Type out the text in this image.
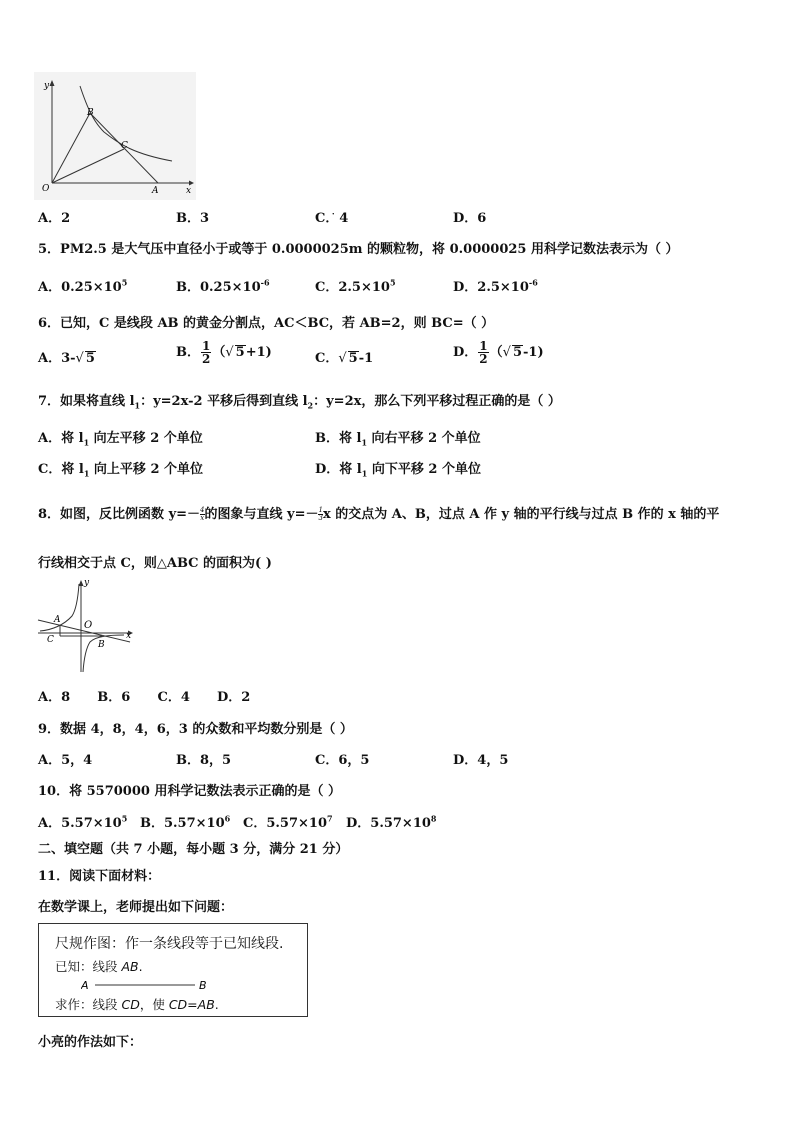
y
x
O	A
B
C
A．2	B．3	C．· 4	D．6
5．PM2.5 是大气压中直径小于或等于 0.0000025m 的颗粒物，将 0.0000025 用科学记数法表示为（ ）
A．$0.25\times 10^5$	B．$0.25\times 10^{-6}$	C．$2.5\times 10^5$	D．$2.5\times 10^{-6}$
6．已知，C 是线段 AB 的黄金分割点，AC＜BC，若 AB=2，则 BC=（ ）
A．3-√ 5	B． $\frac{1}{2}$ （√ 5+1)	C．√ 5-1	D． $\frac{1}{2}$ （√ 5-1)
7．如果将直线 $l_1$：y=2x-2 平移后得到直线 $l_2$：y=2x，那么下列平移过程正确的是（ ）
A．将 $l_1$ 向左平移 2 个单位	B．将 $l_1$ 向右平移 2 个单位
C．将 $l_1$ 向上平移 2 个单位	D．将 $l_1$ 向下平移 2 个单位
8．如图，反比例函数 $y=- \frac{4}{x}$ 的图象与直线 $y=- \frac{1}{3}$ x 的交点为 A、B，过点 A 作 y 轴的平行线与过点 B 作的 x 轴的平
行线相交于点 C，则△ABC 的面积为( )
y
x
O
A
B
C
A．8      B．6      C．4      D．2
9．数据 4，8，4，6，3 的众数和平均数分别是（ ）
A．5，4	B．8，5	C．6，5	D．4，5
10．将 5570000 用科学记数法表示正确的是（ ）
A．$5.57\times 10^5$ B．$5.57\times 10^6$ C．$5.57\times 10^7$ D．$5.57\times 10^8$
二、填空题（共 7 小题，每小题 3 分，满分 21 分）
11．阅读下面材料：
在数学课上，老师提出如下问题：
尺规作图：作一条线段等于已知线段.
已知：线段 AB.
A	B
求作：线段 CD，使 CD=AB.
小亮的作法如下：
